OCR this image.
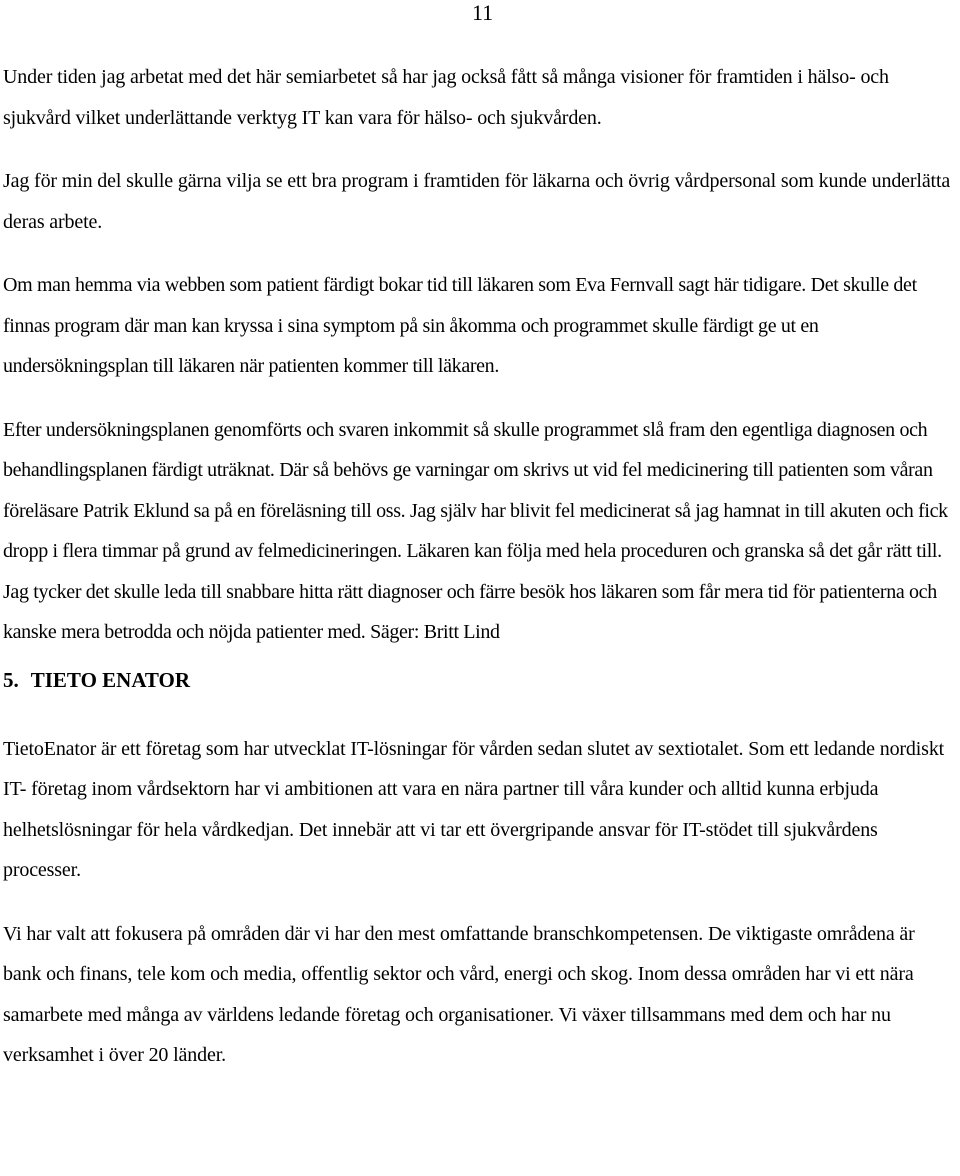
11

Under tiden jag arbetat med det här semiarbetet så har jag också fått så många visioner för framtiden i hälso- och sjukvård vilket underlättande verktyg IT kan vara för hälso- och sjukvården.

Jag för min del skulle gärna vilja se ett bra program i framtiden för läkarna och övrig vårdpersonal som kunde underlätta deras arbete.

Om man hemma via webben som patient färdigt bokar tid till läkaren som Eva Fernvall sagt här tidigare. Det skulle det finnas program där man kan kryssa i sina symptom på sin åkomma och programmet skulle färdigt ge ut en undersökningsplan till läkaren när patienten kommer till läkaren.

Efter undersökningsplanen genomförts och svaren inkommit så skulle programmet slå fram den egentliga diagnosen och behandlingsplanen färdigt uträknat. Där så behövs ge varningar om skrivs ut vid fel medicinering till patienten som våran föreläsare Patrik Eklund sa på en föreläsning till oss. Jag själv har blivit fel medicinerat så jag hamnat in till akuten och fick dropp i flera timmar på grund av felmedicineringen. Läkaren kan följa med hela proceduren och granska så det går rätt till. Jag tycker det skulle leda till snabbare hitta rätt diagnoser och färre besök hos läkaren som får mera tid för patienterna och kanske mera betrodda och nöjda patienter med. Säger: Britt Lind

5. TIETO ENATOR

TietoEnator är ett företag som har utvecklat IT-lösningar för vården sedan slutet av sextiotalet. Som ett ledande nordiskt IT- företag inom vårdsektorn har vi ambitionen att vara en nära partner till våra kunder och alltid kunna erbjuda helhetslösningar för hela vårdkedjan. Det innebär att vi tar ett övergripande ansvar för IT-stödet till sjukvårdens processer.

Vi har valt att fokusera på områden där vi har den mest omfattande branschkompetensen. De viktigaste områdena är bank och finans, tele kom och media, offentlig sektor och vård, energi och skog. Inom dessa områden har vi ett nära samarbete med många av världens ledande företag och organisationer. Vi växer tillsammans med dem och har nu verksamhet i över 20 länder.
